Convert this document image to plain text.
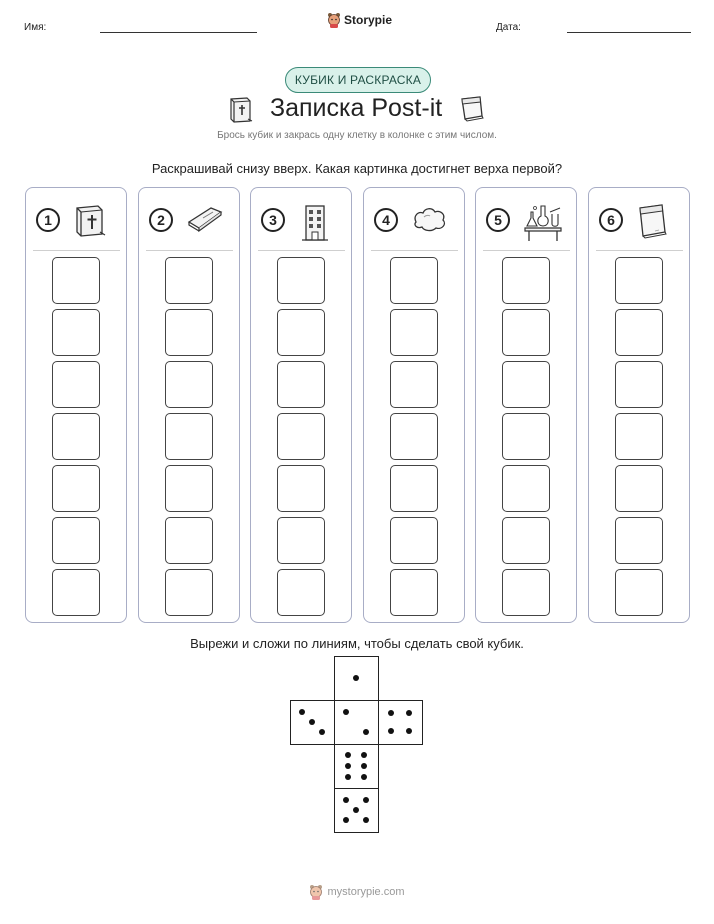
Имя:
Storypie
Дата:
КУБИК И РАСКРАСКА
Записка Post-it

Брось кубик и закрась одну клетку в колонке с этим числом.

Раскрашивай снизу вверх. Какая картинка достигнет верха первой?

1	2	3	4	5	6

Вырежи и сложи по линиям, чтобы сделать свой кубик.

mystorypie.com
